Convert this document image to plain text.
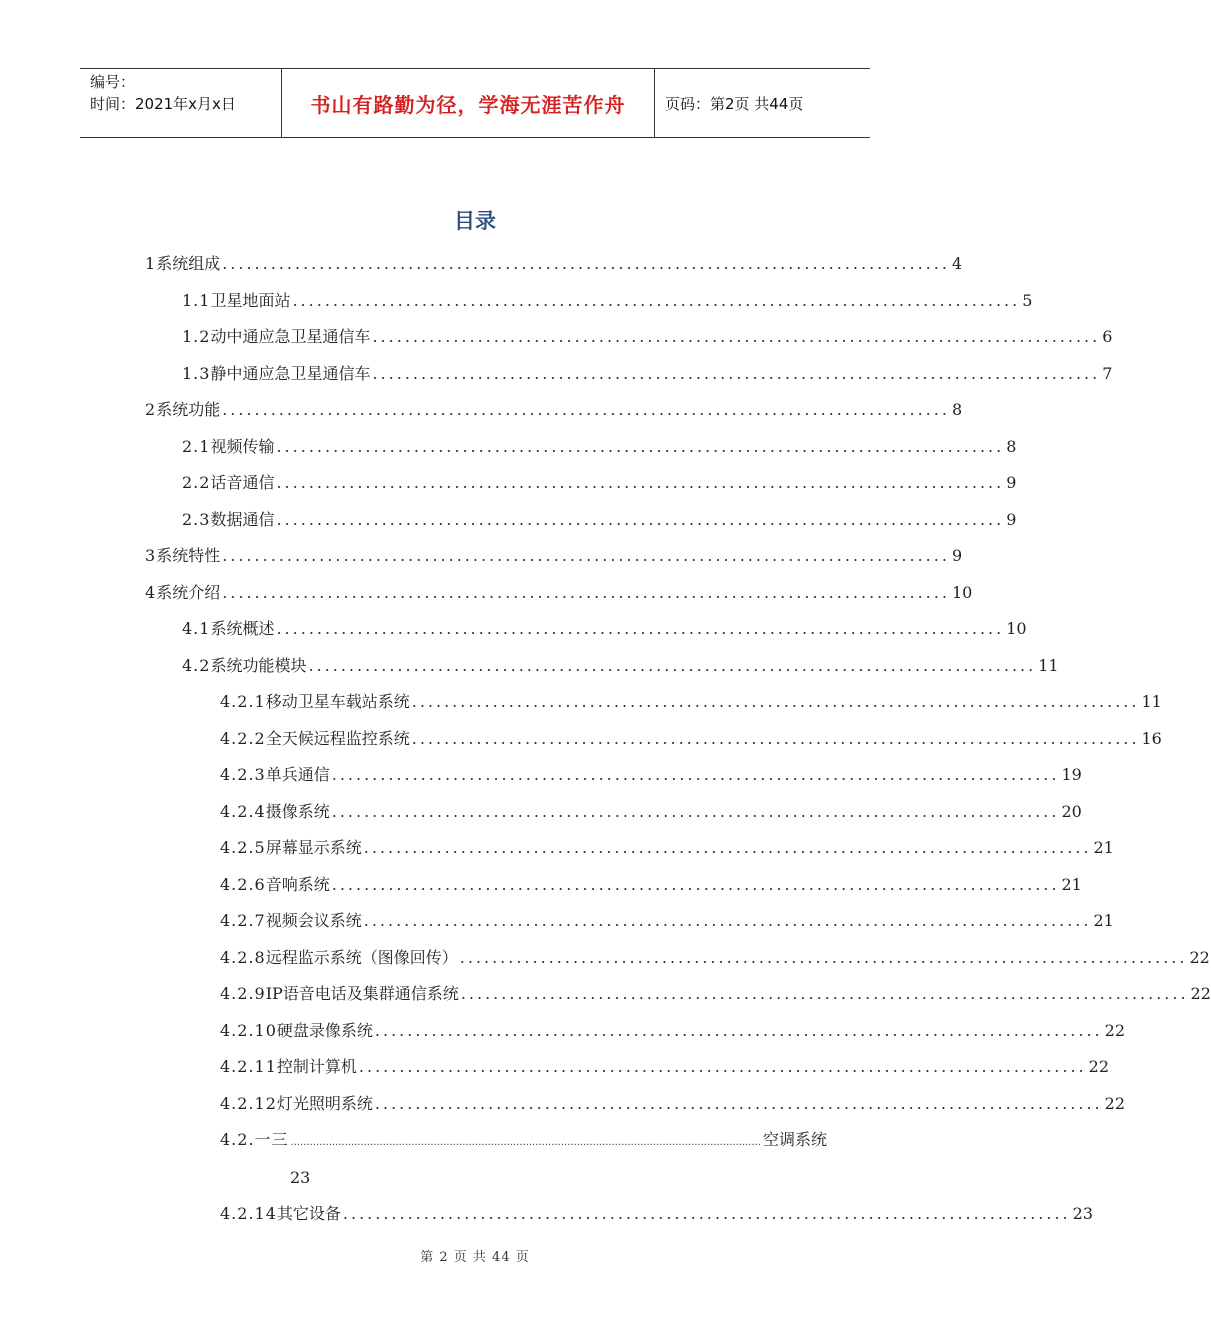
编号：
时间：2021年x月x日	书山有路勤为径，学海无涯苦作舟	页码：第2页 共44页
目录
1 系统组成 .......................................................................................... 4
1.1 卫星地面站 .......................................................................................... 5
1.2 动中通应急卫星通信车 .......................................................................................... 6
1.3 静中通应急卫星通信车 .......................................................................................... 7
2 系统功能 .......................................................................................... 8
2.1 视频传输 .......................................................................................... 8
2.2 话音通信 .......................................................................................... 9
2.3 数据通信 .......................................................................................... 9
3 系统特性 .......................................................................................... 9
4 系统介绍 .......................................................................................... 10
4.1 系统概述 .......................................................................................... 10
4.2 系统功能模块 .......................................................................................... 11
4.2.1 移动卫星车载站系统 .......................................................................................... 11
4.2.2 全天候远程监控系统 .......................................................................................... 16
4.2.3 单兵通信 .......................................................................................... 19
4.2.4 摄像系统 .......................................................................................... 20
4.2.5 屏幕显示系统 .......................................................................................... 21
4.2.6 音响系统 .......................................................................................... 21
4.2.7 视频会议系统 .......................................................................................... 21
4.2.8 远程监示系统（图像回传） .......................................................................................... 22
4.2.9 IP语音电话及集群通信系统 .......................................................................................... 22
4.2.10 硬盘录像系统 .......................................................................................... 22
4.2.11 控制计算机 .......................................................................................... 22
4.2.12 灯光照明系统 .......................................................................................... 22
4.2.一三 .................................................................................................................................................... 空调系统
23
4.2.14 其它设备 .......................................................................................... 23
第 2 页 共 44 页
